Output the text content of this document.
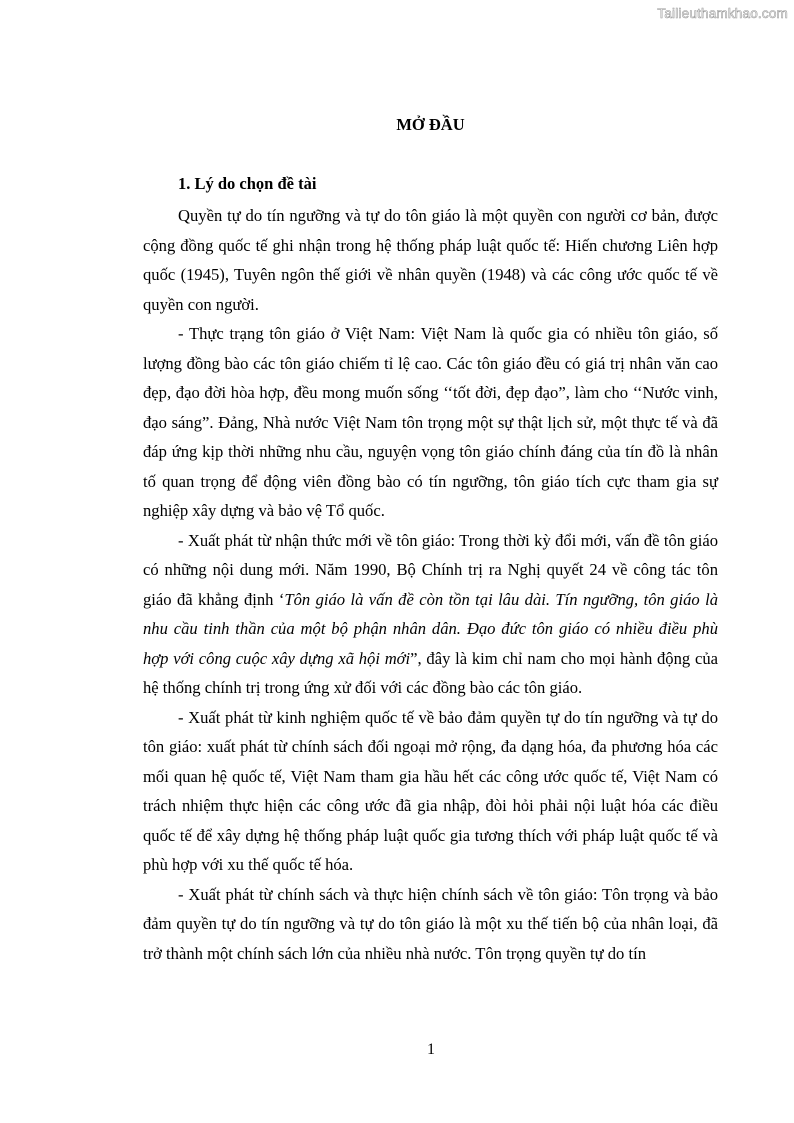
Tailieuthamkhao.com
MỞ ĐẦU
1. Lý do chọn đề tài

Quyền tự do tín ngưỡng và tự do tôn giáo là một quyền con người cơ bản, được cộng đồng quốc tế ghi nhận trong hệ thống pháp luật quốc tế: Hiến chương Liên hợp quốc (1945), Tuyên ngôn thế giới về nhân quyền (1948) và các công ước quốc tế về quyền con người.

- Thực trạng tôn giáo ở Việt Nam: Việt Nam là quốc gia có nhiều tôn giáo, số lượng đồng bào các tôn giáo chiếm tỉ lệ cao. Các tôn giáo đều có giá trị nhân văn cao đẹp, đạo đời hòa hợp, đều mong muốn sống ‘‘tốt đời, đẹp đạo”, làm cho ‘‘Nước vinh, đạo sáng”. Đảng, Nhà nước Việt Nam tôn trọng một sự thật lịch sử, một thực tế và đã đáp ứng kịp thời những nhu cầu, nguyện vọng tôn giáo chính đáng của tín đồ là nhân tố quan trọng để động viên đồng bào có tín ngưỡng, tôn giáo tích cực tham gia sự nghiệp xây dựng và bảo vệ Tổ quốc.

- Xuất phát từ nhận thức mới về tôn giáo: Trong thời kỳ đổi mới, vấn đề tôn giáo có những nội dung mới. Năm 1990, Bộ Chính trị ra Nghị quyết 24 về công tác tôn giáo đã khẳng định ‘Tôn giáo là vấn đề còn tồn tại lâu dài. Tín ngưỡng, tôn giáo là nhu cầu tinh thần của một bộ phận nhân dân. Đạo đức tôn giáo có nhiều điều phù hợp với công cuộc xây dựng xã hội mới”, đây là kim chỉ nam cho mọi hành động của hệ thống chính trị trong ứng xử đối với các đồng bào các tôn giáo.

- Xuất phát từ kinh nghiệm quốc tế về bảo đảm quyền tự do tín ngưỡng và tự do tôn giáo: xuất phát từ chính sách đối ngoại mở rộng, đa dạng hóa, đa phương hóa các mối quan hệ quốc tế, Việt Nam tham gia hầu hết các công ước quốc tế, Việt Nam có trách nhiệm thực hiện các công ước đã gia nhập, đòi hỏi phải nội luật hóa các điều quốc tế để xây dựng hệ thống pháp luật quốc gia tương thích với pháp luật quốc tế và phù hợp với xu thế quốc tế hóa.

- Xuất phát từ chính sách và thực hiện chính sách về tôn giáo: Tôn trọng và bảo đảm quyền tự do tín ngưỡng và tự do tôn giáo là một xu thế tiến bộ của nhân loại, đã trở thành một chính sách lớn của nhiều nhà nước. Tôn trọng quyền tự do tín

1
